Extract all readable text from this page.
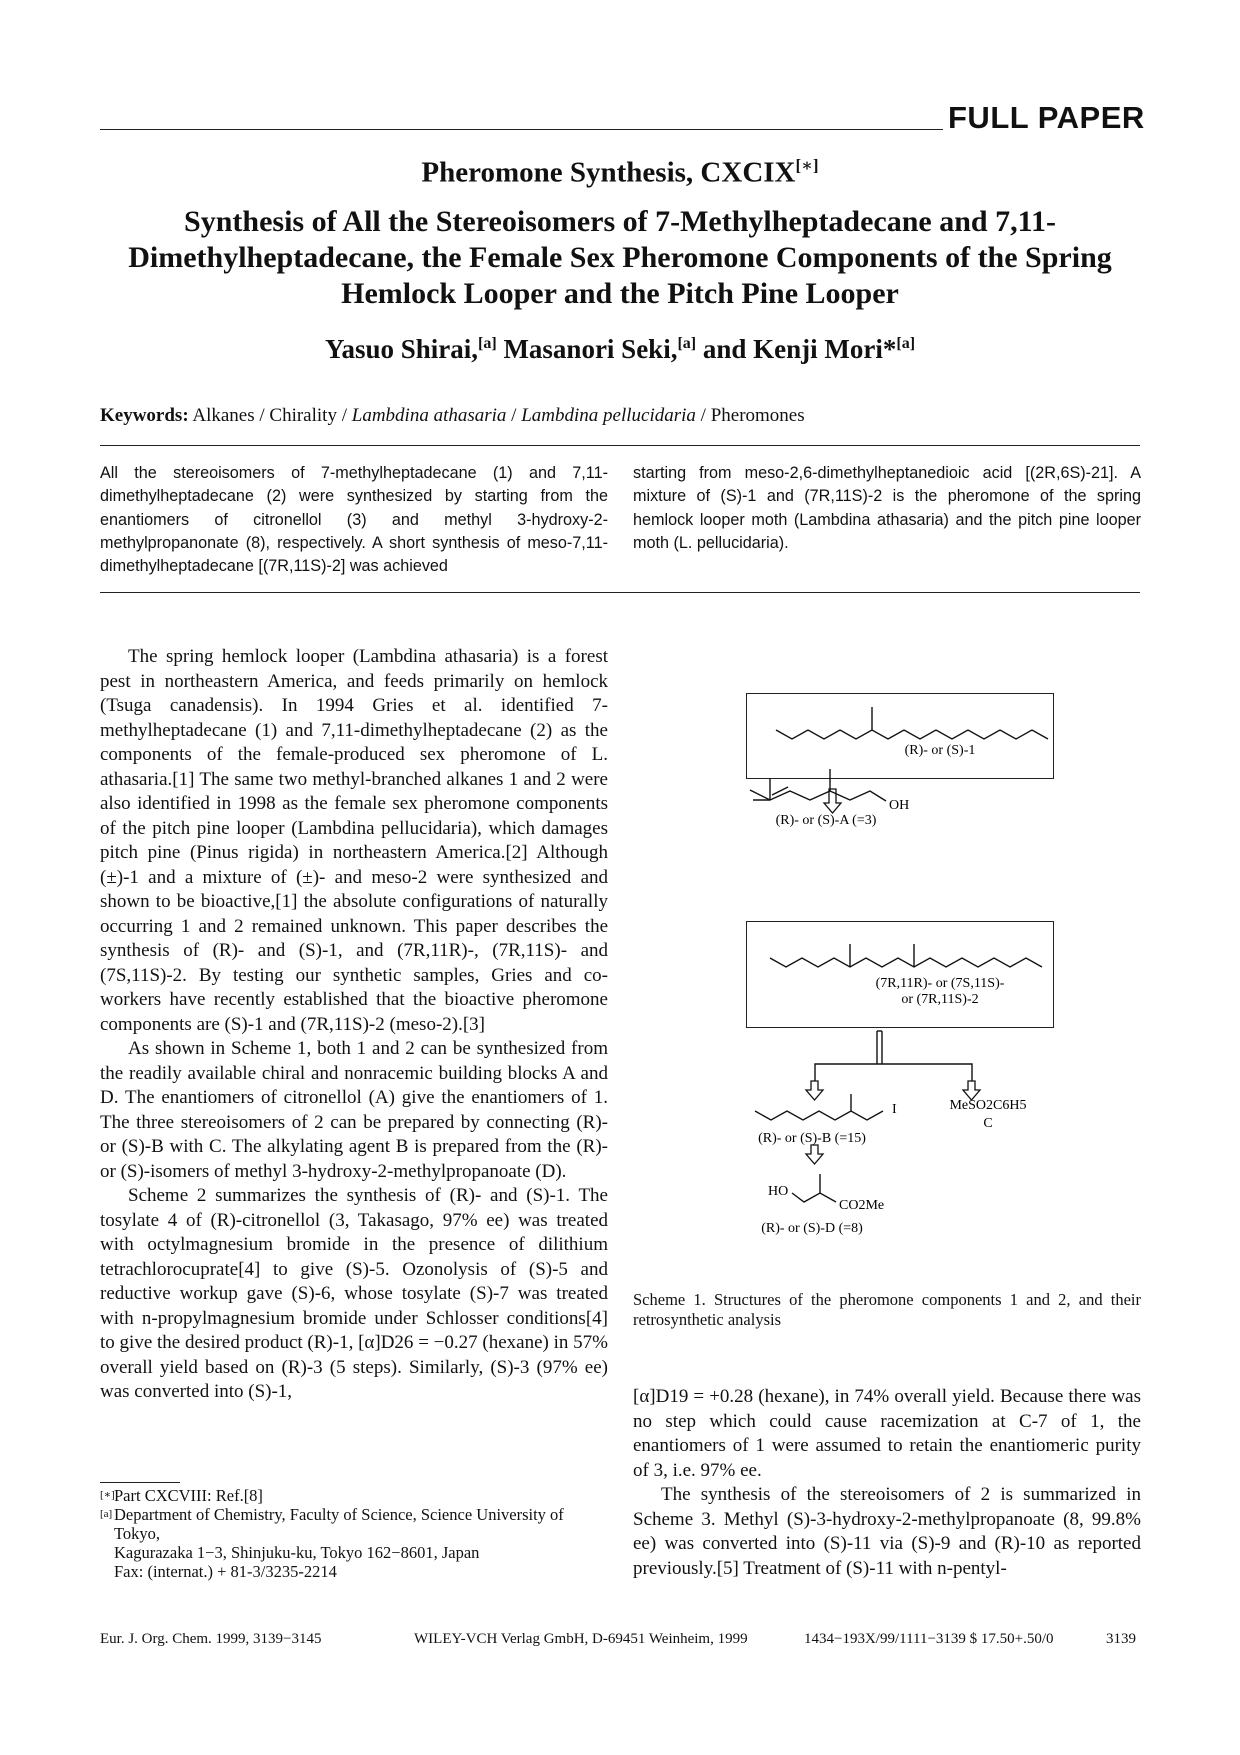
FULL PAPER
Pheromone Synthesis, CXCIX[∗]
Synthesis of All the Stereoisomers of 7-Methylheptadecane and 7,11-Dimethylheptadecane, the Female Sex Pheromone Components of the Spring Hemlock Looper and the Pitch Pine Looper
Yasuo Shirai,[a] Masanori Seki,[a] and Kenji Mori*[a]
Keywords: Alkanes / Chirality / Lambdina athasaria / Lambdina pellucidaria / Pheromones
All the stereoisomers of 7-methylheptadecane (1) and 7,11-dimethylheptadecane (2) were synthesized by starting from the enantiomers of citronellol (3) and methyl 3-hydroxy-2-methylpropanonate (8), respectively. A short synthesis of meso-7,11-dimethylheptadecane [(7R,11S)-2] was achieved
starting from meso-2,6-dimethylheptanedioic acid [(2R,6S)-21]. A mixture of (S)-1 and (7R,11S)-2 is the pheromone of the spring hemlock looper moth (Lambdina athasaria) and the pitch pine looper moth (L. pellucidaria).

The spring hemlock looper (Lambdina athasaria) is a forest pest in northeastern America, and feeds primarily on hemlock (Tsuga canadensis). In 1994 Gries et al. identified 7-methylheptadecane (1) and 7,11-dimethylheptadecane (2) as the components of the female-produced sex pheromone of L. athasaria.[1] The same two methyl-branched alkanes 1 and 2 were also identified in 1998 as the female sex pheromone components of the pitch pine looper (Lambdina pellucidaria), which damages pitch pine (Pinus rigida) in northeastern America.[2] Although (±)-1 and a mixture of (±)- and meso-2 were synthesized and shown to be bioactive,[1] the absolute configurations of naturally occurring 1 and 2 remained unknown. This paper describes the synthesis of (R)- and (S)-1, and (7R,11R)-, (7R,11S)- and (7S,11S)-2. By testing our synthetic samples, Gries and co-workers have recently established that the bioactive pheromone components are (S)-1 and (7R,11S)-2 (meso-2).[3]

As shown in Scheme 1, both 1 and 2 can be synthesized from the readily available chiral and nonracemic building blocks A and D. The enantiomers of citronellol (A) give the enantiomers of 1. The three stereoisomers of 2 can be prepared by connecting (R)- or (S)-B with C. The alkylating agent B is prepared from the (R)- or (S)-isomers of methyl 3-hydroxy-2-methylpropanoate (D).

Scheme 2 summarizes the synthesis of (R)- and (S)-1. The tosylate 4 of (R)-citronellol (3, Takasago, 97% ee) was treated with octylmagnesium bromide in the presence of dilithium tetrachlorocuprate[4] to give (S)-5. Ozonolysis of (S)-5 and reductive workup gave (S)-6, whose tosylate (S)-7 was treated with n-propylmagnesium bromide under Schlosser conditions[4] to give the desired product (R)-1, [α]D26 = −0.27 (hexane) in 57% overall yield based on (R)-3 (5 steps). Similarly, (S)-3 (97% ee) was converted into (S)-1,

[∗] Part CXCVIII: Ref.[8]
[a] Department of Chemistry, Faculty of Science, Science University of Tokyo,
Kagurazaka 1−3, Shinjuku-ku, Tokyo 162−8601, Japan
Fax: (internat.) + 81-3/3235-2214
(R)- or (S)-1
OH
(R)- or (S)-A (=3)
(7R,11R)- or (7S,11S)-
or (7R,11S)-2
I
(R)- or (S)-B (=15)
MeSO2C6H5
C
HO
CO2Me
(R)- or (S)-D (=8)
Scheme 1. Structures of the pheromone components 1 and 2, and their retrosynthetic analysis

[α]D19 = +0.28 (hexane), in 74% overall yield. Because there was no step which could cause racemization at C-7 of 1, the enantiomers of 1 were assumed to retain the enantiomeric purity of 3, i.e. 97% ee.

The synthesis of the stereoisomers of 2 is summarized in Scheme 3. Methyl (S)-3-hydroxy-2-methylpropanoate (8, 99.8% ee) was converted into (S)-11 via (S)-9 and (R)-10 as reported previously.[5] Treatment of (S)-11 with n-pentyl-

Eur. J. Org. Chem. 1999, 3139−3145	WILEY-VCH Verlag GmbH, D-69451 Weinheim, 1999	1434−193X/99/1111−3139 $ 17.50+.50/0	3139
